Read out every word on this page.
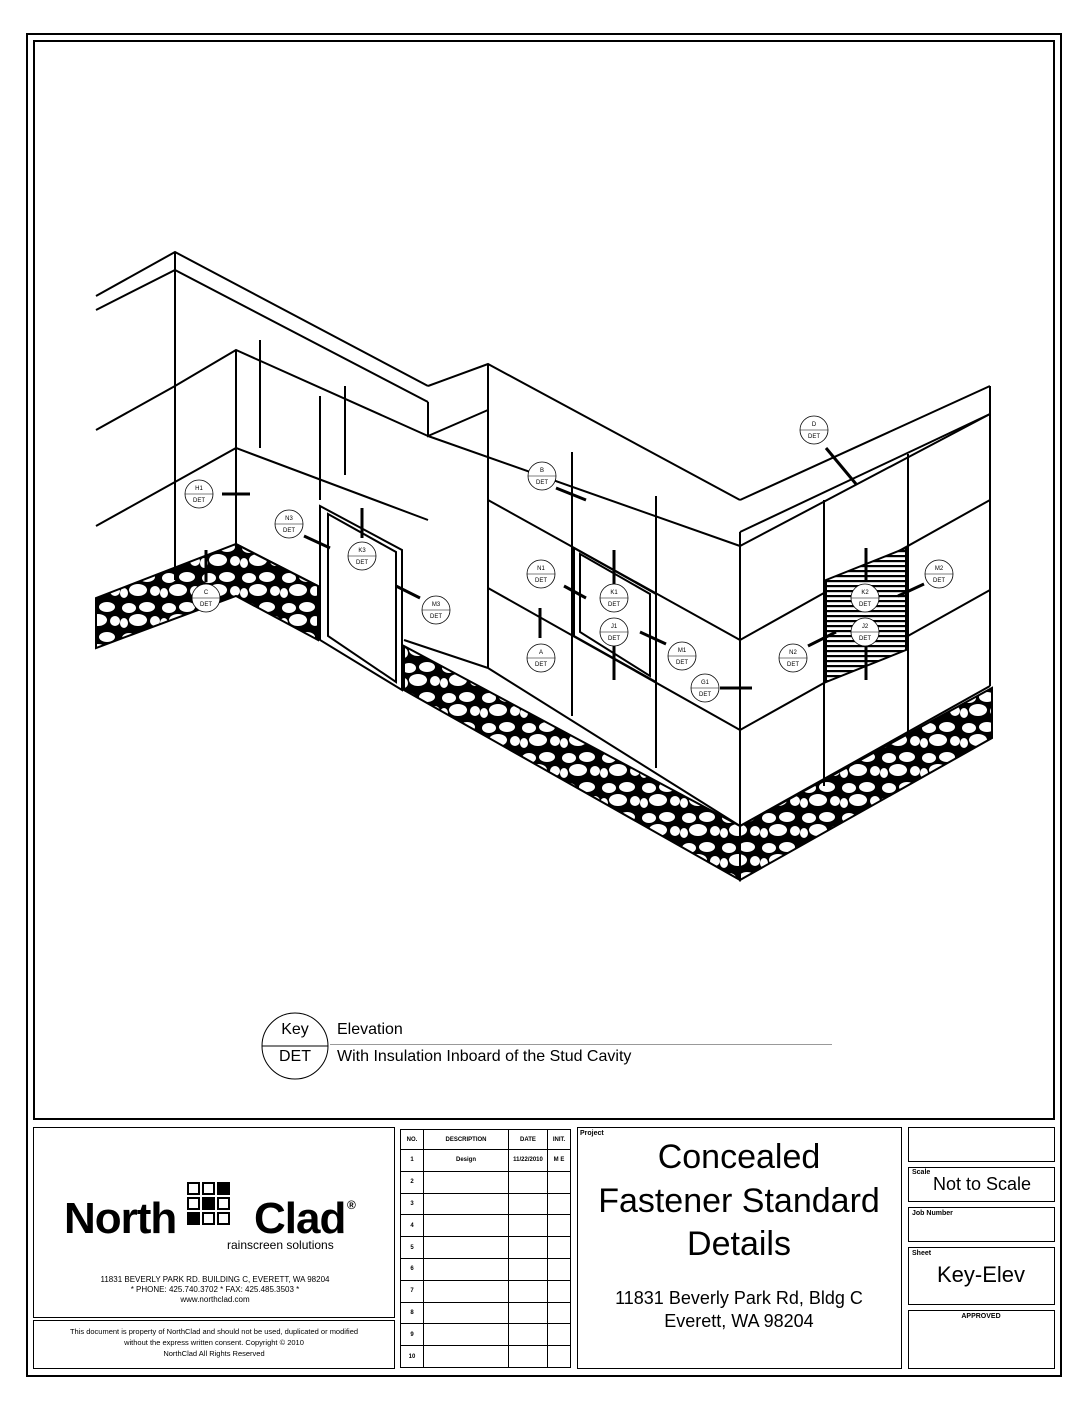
D
DET
B
DET
H1
DET
N3
DET
K3
DET
C
DET	M3
DET
N1
DET
K1
DET
J1
DET
A
DET
M1
DET
G1
DET
N2
DET
K2
DET
J2
DET
M2
DET
Key
DET
Elevation
With Insulation Inboard of the Stud Cavity
North Clad ®
rainscreen solutions
11831 BEVERLY PARK RD. BUILDING C, EVERETT, WA 98204
* PHONE: 425.740.3702 * FAX: 425.485.3503 *
www.northclad.com
This document is property of NorthClad and should not be used, duplicated or modified
without the express written consent. Copyright © 2010
NorthClad All Rights Reserved
NO.	DESCRIPTION	DATE	INIT.
1	Design	11/22/2010	M E
2			
3			
4			
5			
6			
7			
8			
9			
10			
Project
Concealed
Fastener Standard
Details
11831 Beverly Park Rd, Bldg C
Everett, WA 98204
Scale
Not to Scale
Job Number
Sheet
Key-Elev
APPROVED
